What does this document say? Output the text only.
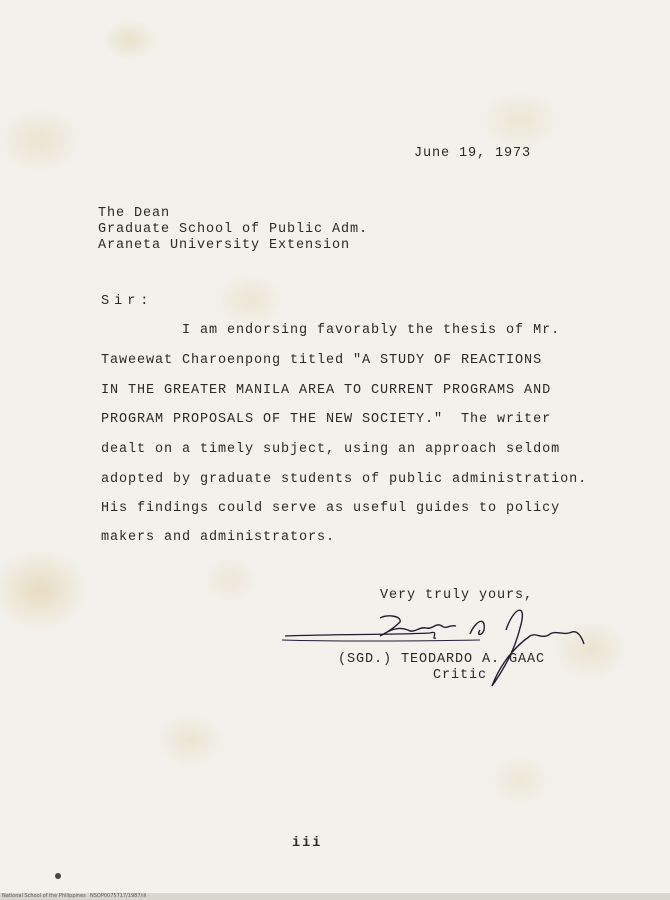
June 19, 1973
The Dean
Graduate School of Public Adm.
Araneta University Extension
Sir:
I am endorsing favorably the thesis of Mr.
Taweewat Charoenpong titled "A STUDY OF REACTIONS
IN THE GREATER MANILA AREA TO CURRENT PROGRAMS AND
PROGRAM PROPOSALS OF THE NEW SOCIETY."  The writer
dealt on a timely subject, using an approach seldom
adopted by graduate students of public administration.
His findings could serve as useful guides to policy
makers and administrators.
Very truly yours,
(SGD.) TEODARDO A. GAAC
Critic
iii
National School of the Philippines NSOP0075717/1987/iii
